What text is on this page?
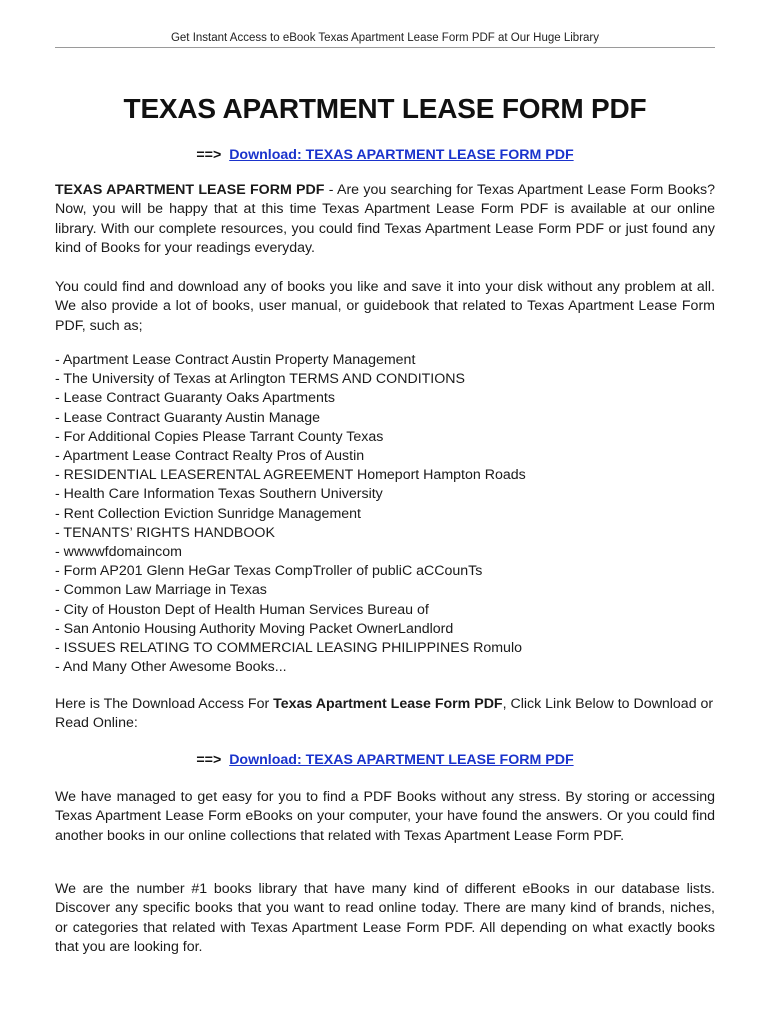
Get Instant Access to eBook Texas Apartment Lease Form PDF at Our Huge Library
TEXAS APARTMENT LEASE FORM PDF
==> Download: TEXAS APARTMENT LEASE FORM PDF

TEXAS APARTMENT LEASE FORM PDF - Are you searching for Texas Apartment Lease Form Books? Now, you will be happy that at this time Texas Apartment Lease Form PDF is available at our online library. With our complete resources, you could find Texas Apartment Lease Form PDF or just found any kind of Books for your readings everyday.

You could find and download any of books you like and save it into your disk without any problem at all. We also provide a lot of books, user manual, or guidebook that related to Texas Apartment Lease Form PDF, such as;

- Apartment Lease Contract Austin Property Management
- The University of Texas at Arlington TERMS AND CONDITIONS
- Lease Contract Guaranty Oaks Apartments
- Lease Contract Guaranty Austin Manage
- For Additional Copies Please Tarrant County Texas
- Apartment Lease Contract Realty Pros of Austin
- RESIDENTIAL LEASERENTAL AGREEMENT Homeport Hampton Roads
- Health Care Information Texas Southern University
- Rent Collection Eviction Sunridge Management
- TENANTS’ RIGHTS HANDBOOK
- wwwwfdomaincom
- Form AP201 Glenn HeGar Texas CompTroller of publiC aCCounTs
- Common Law Marriage in Texas
- City of Houston Dept of Health Human Services Bureau of
- San Antonio Housing Authority Moving Packet OwnerLandlord
- ISSUES RELATING TO COMMERCIAL LEASING PHILIPPINES Romulo
- And Many Other Awesome Books...

Here is The Download Access For Texas Apartment Lease Form PDF, Click Link Below to Download or Read Online:

==> Download: TEXAS APARTMENT LEASE FORM PDF

We have managed to get easy for you to find a PDF Books without any stress. By storing or accessing Texas Apartment Lease Form eBooks on your computer, your have found the answers. Or you could find another books in our online collections that related with Texas Apartment Lease Form PDF.

We are the number #1 books library that have many kind of different eBooks in our database lists. Discover any specific books that you want to read online today. There are many kind of brands, niches, or categories that related with Texas Apartment Lease Form PDF. All depending on what exactly books that you are looking for.
